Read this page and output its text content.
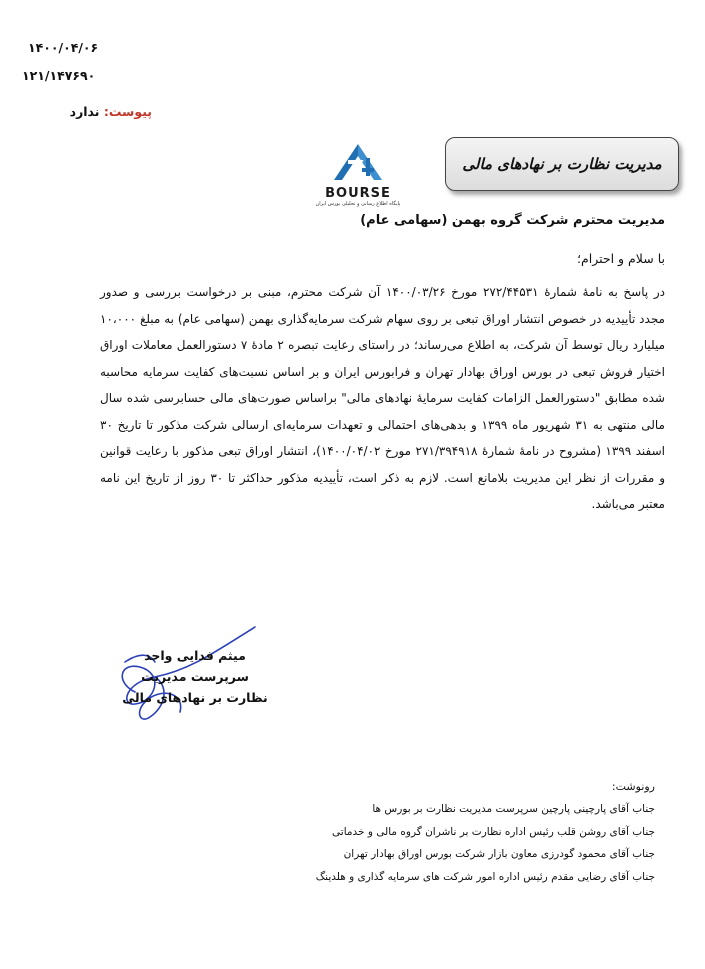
۱۴۰۰/۰۴/۰۶
۱۲۱/۱۴۷۶۹۰
پیوست: ندارد
BOURSE
پایگاه اطلاع رسانی و تحلیلی بورس ایران
مدیریت نظارت بر نهادهای مالی
مدیریت محترم شرکت گروه بهمن (سهامی عام)
با سلام و احترام؛
در پاسخ به نامۀ شمارۀ ۲۷۲/۴۴۵۳۱ مورخ ۱۴۰۰/۰۳/۲۶ آن شرکت محترم، مبنی بر درخواست بررسی و صدور مجدد تأییدیه در خصوص انتشار اوراق تبعی بر روی سهام شرکت سرمایه‌گذاری بهمن (سهامی عام) به مبلغ ۱۰،۰۰۰ میلیارد ریال توسط آن شرکت، به اطلاع می‌رساند؛ در راستای رعایت تبصره ۲ مادۀ ۷ دستورالعمل معاملات اوراق اختیار فروش تبعی در بورس اوراق بهادار تهران و فرابورس ایران و بر اساس نسبت‌های کفایت سرمایه محاسبه شده مطابق "دستورالعمل الزامات کفایت سرمایۀ نهادهای مالی" براساس صورت‌های مالی حسابرسی شده سال مالی منتهی به ۳۱ شهریور ماه ۱۳۹۹ و بدهی‌های احتمالی و تعهدات سرمایه‌ای ارسالی شرکت مذکور تا تاریخ ۳۰ اسفند ۱۳۹۹ (مشروح در نامۀ شمارۀ ۲۷۱/۳۹۴۹۱۸ مورخ ۱۴۰۰/۰۴/۰۲)، انتشار اوراق تبعی مذکور با رعایت قوانین و مقررات از نظر این مدیریت بلامانع است. لازم به ذکر است، تأییدیه مذکور حداکثر تا ۳۰ روز از تاریخ این نامه معتبر می‌باشد.
میثم فدایی واحد
سرپرست مدیریت
نظارت بر نهادهای مالی
رونوشت:
جناب آقای پارچینی پارچین سرپرست مدیریت نظارت بر بورس ها
جناب آقای روشن قلب رئیس اداره نظارت بر ناشران گروه مالی و خدماتی
جناب آقای محمود گودرزی معاون بازار شرکت بورس اوراق بهادار تهران
جناب آقای رضایی مقدم رئیس اداره امور شرکت های سرمایه گذاری و هلدینگ
